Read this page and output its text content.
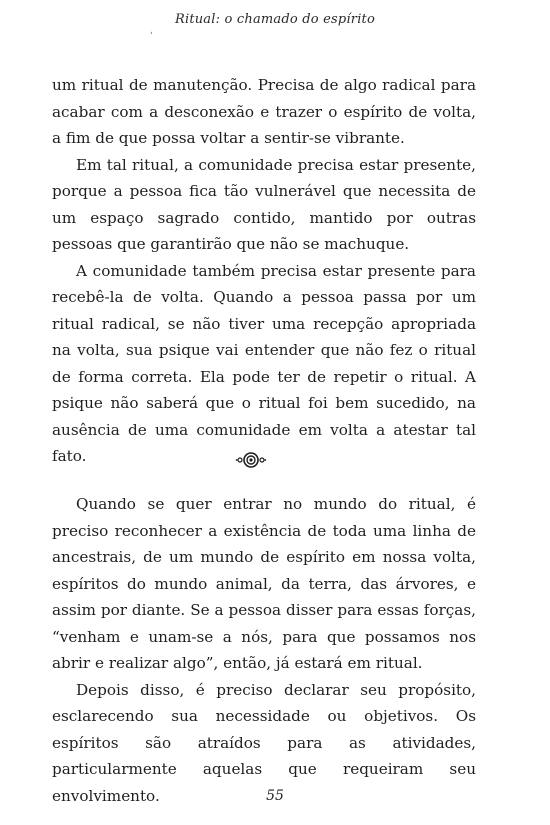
ˌ
Ritual: o chamado do espírito

um ritual de manutenção. Precisa de algo radical para acabar com a desconexão e trazer o espírito de volta, a fim de que possa voltar a sentir-se vibrante.

Em tal ritual, a comunidade precisa estar presente, porque a pessoa fica tão vulnerável que necessita de um espaço sagrado contido, mantido por outras pessoas que garantirão que não se machuque.

A comunidade também precisa estar presente para recebê-la de volta. Quando a pessoa passa por um ritual radical, se não tiver uma recepção apropriada na volta, sua psique vai entender que não fez o ritual de forma correta. Ela pode ter de repetir o ritual. A psique não saberá que o ritual foi bem sucedido, na ausência de uma comunidade em volta a atestar tal fato.

Quando se quer entrar no mundo do ritual, é preciso reconhecer a existência de toda uma linha de ancestrais, de um mundo de espírito em nossa volta, espíritos do mundo animal, da terra, das árvores, e assim por diante. Se a pessoa disser para essas forças, “venham e unam-se a nós, para que possamos nos abrir e realizar algo”, então, já estará em ritual.

Depois disso, é preciso declarar seu propósito, esclarecendo sua necessidade ou objetivos. Os espíritos são atraídos para as atividades, particularmente aquelas que requeiram seu envolvimento.	55
